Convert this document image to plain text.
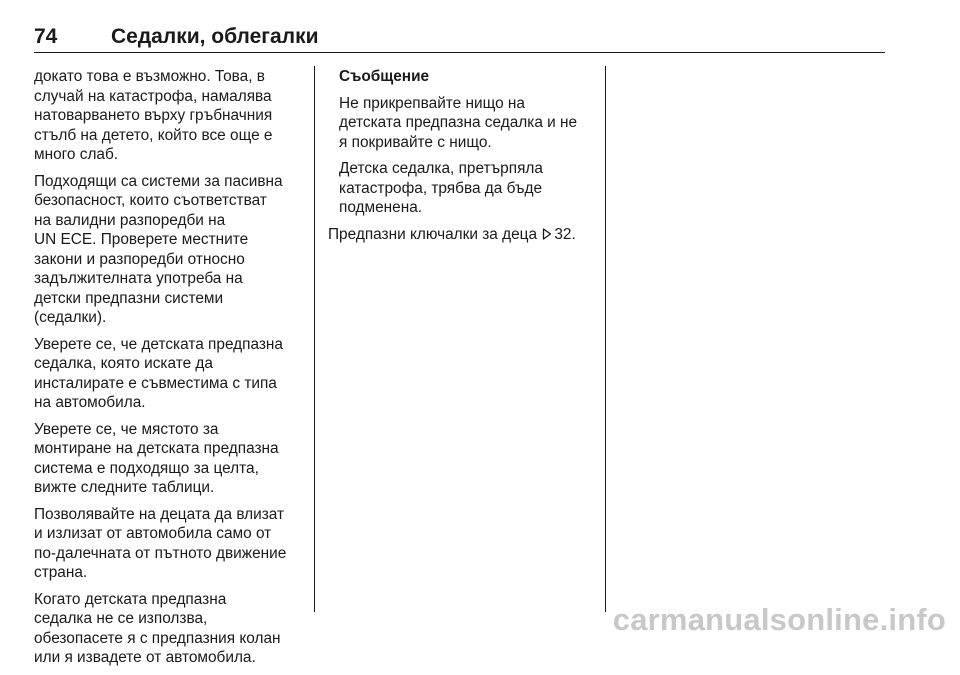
74	Седалки, облегалки

докато това е възможно. Това, в
случай на катастрофа, намалява
натоварването върху гръбначния
стълб на детето, който все още е
много слаб.

Подходящи са системи за пасивна
безопасност, които съответстват
на валидни разпоредби на
UN ECE. Проверете местните
закони и разпоредби относно
задължителната употреба на
детски предпазни системи
(седалки).

Уверете се, че детската предпазна
седалка, която искате да
инсталирате е съвместима с типа
на автомобила.

Уверете се, че мястото за
монтиране на детската предпазна
система е подходящо за целта,
вижте следните таблици.

Позволявайте на децата да влизат
и излизат от автомобила само от
по-далечната от пътното движение
страна.

Когато детската предпазна
седалка не се използва,
обезопасете я с предпазния колан
или я извадете от автомобила.

Съобщение

Не прикрепвайте нищо на
детската предпазна седалка и не
я покривайте с нищо.

Детска седалка, претърпяла
катастрофа, трябва да бъде
подменена.

Предпазни ключалки за деца 32.

carmanualsonline.info
